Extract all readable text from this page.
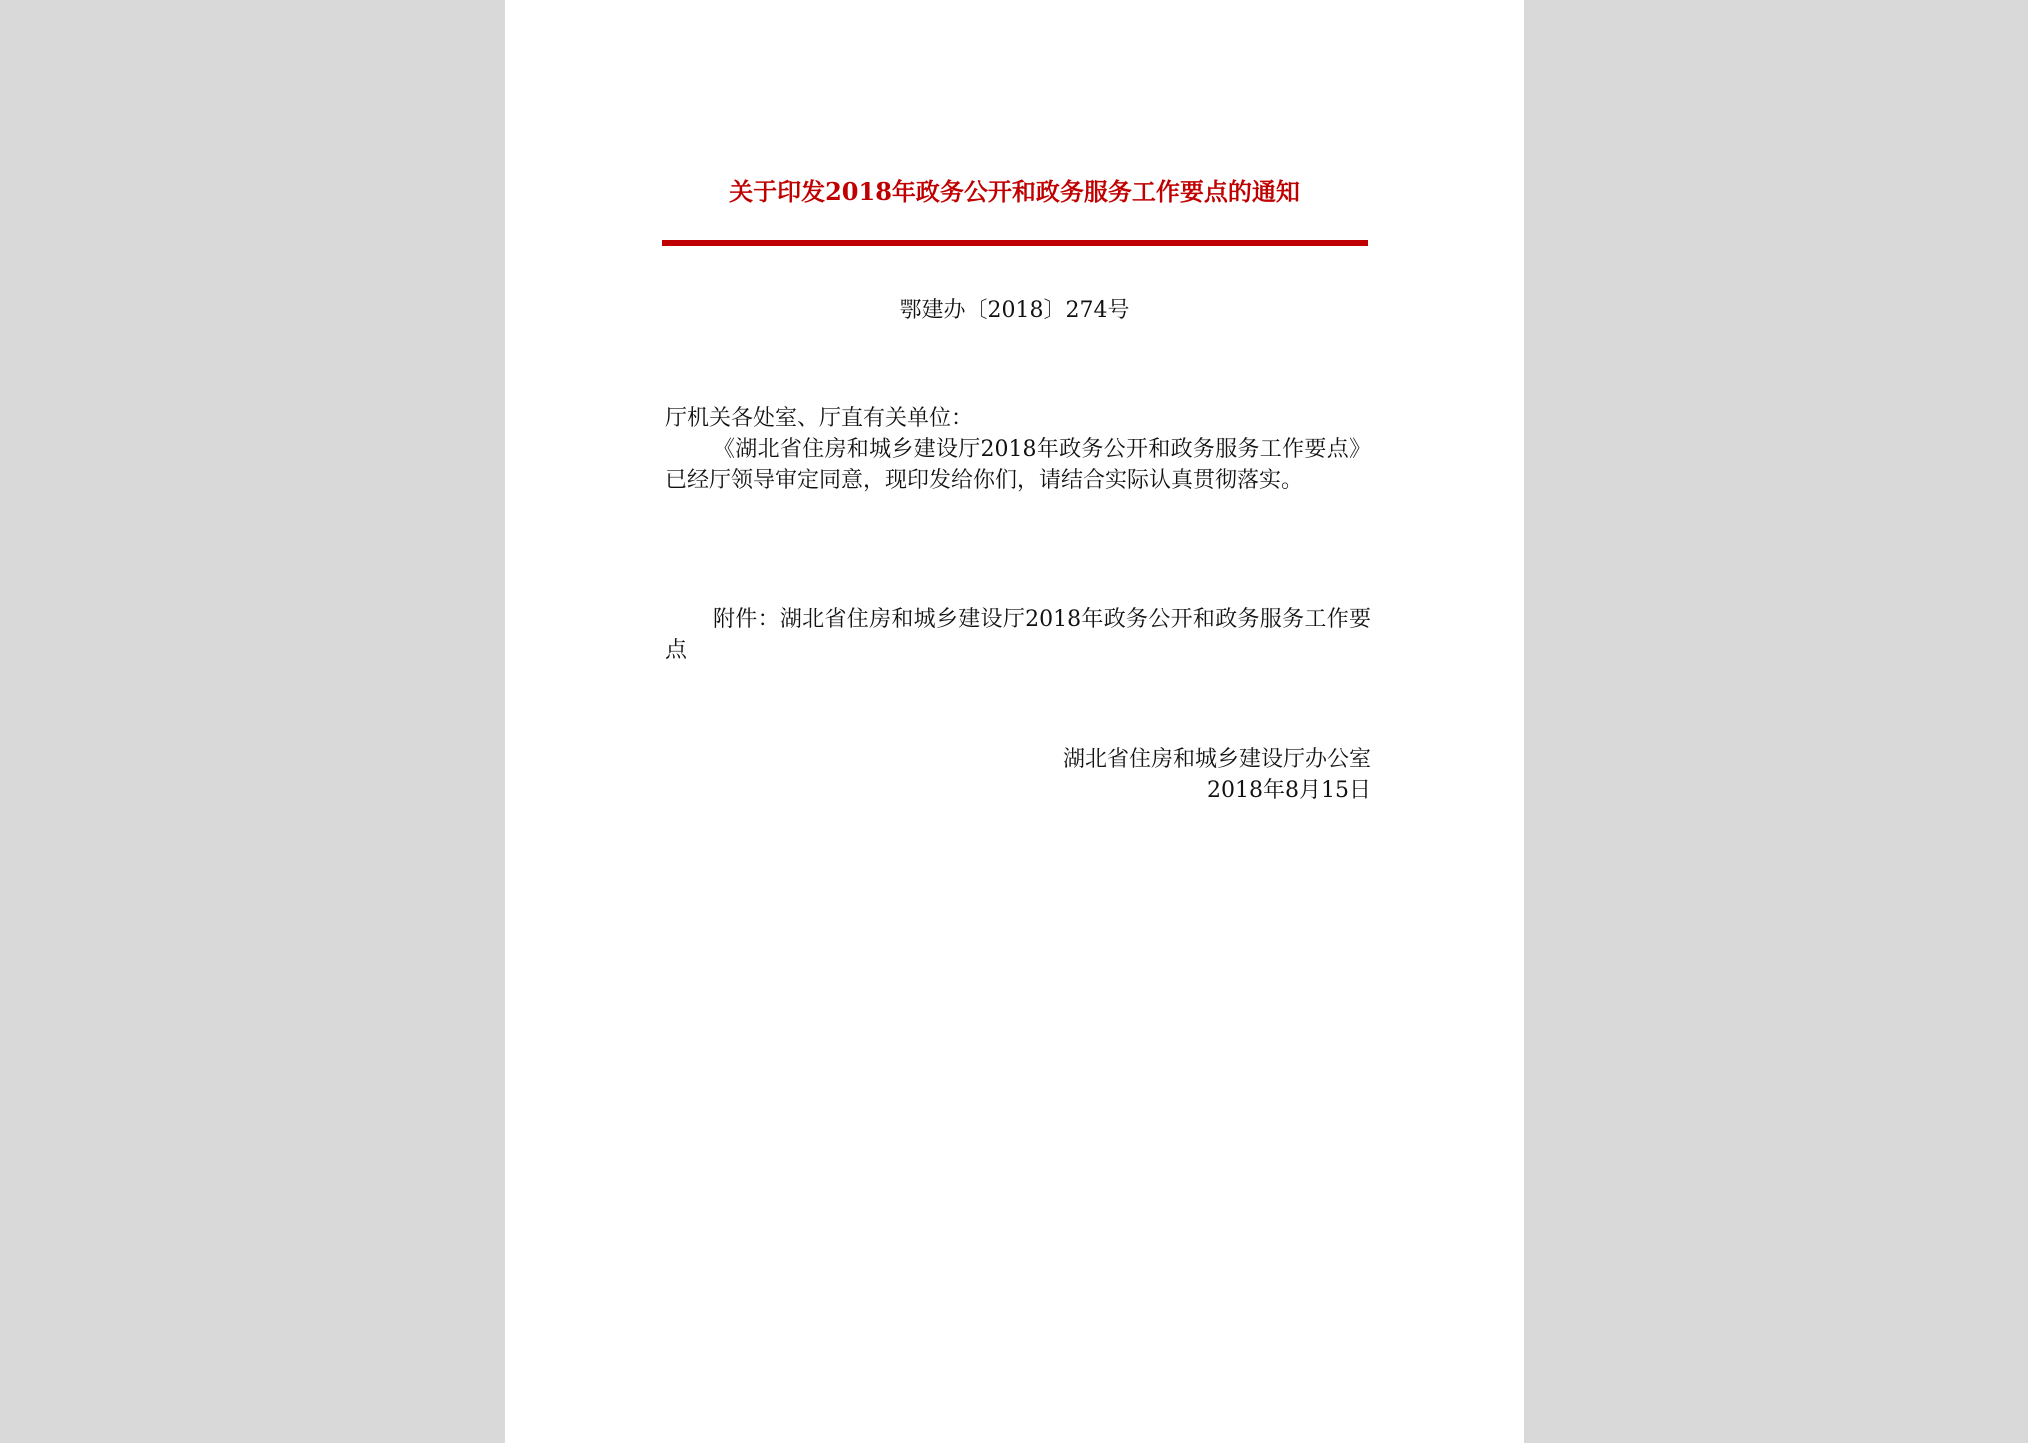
关于印发2018年政务公开和政务服务工作要点的通知
鄂建办〔2018〕274号
厅机关各处室、厅直有关单位：
《湖北省住房和城乡建设厅2018年政务公开和政务服务工作要点》已经厅领导审定同意，现印发给你们，请结合实际认真贯彻落实。
附件：湖北省住房和城乡建设厅2018年政务公开和政务服务工作要点
湖北省住房和城乡建设厅办公室
2018年8月15日
